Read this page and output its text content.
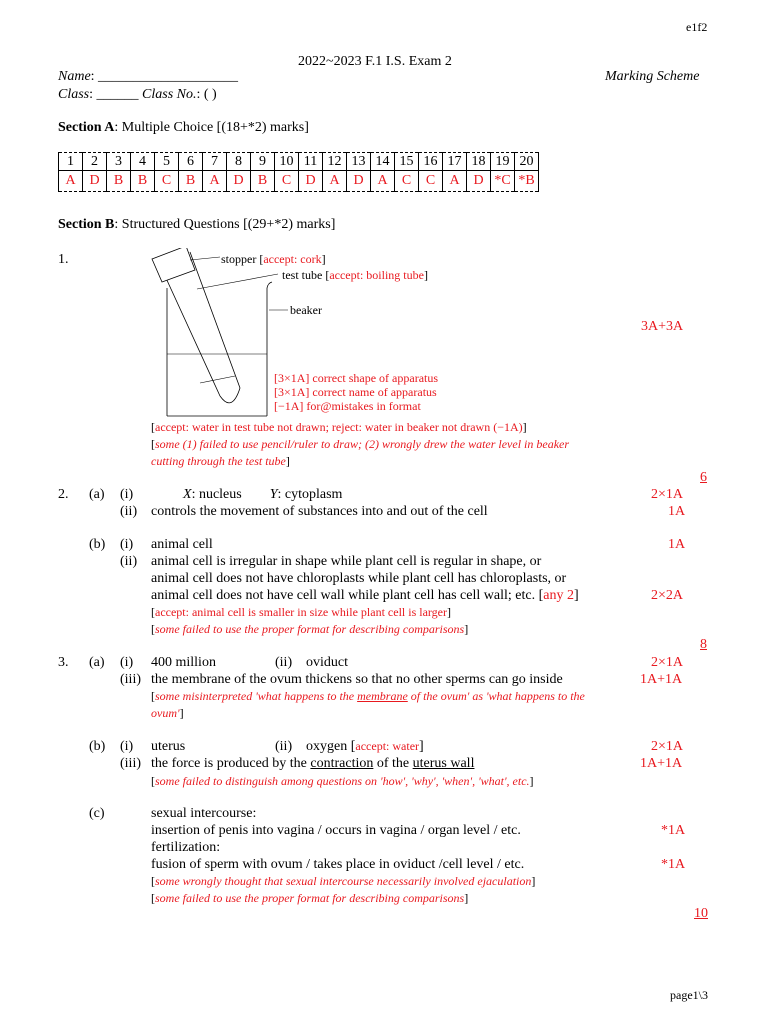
e1f2
2022~2023 F.1 I.S. Exam 2
Name: ____________________	Marking Scheme
Class: ______ Class No.: ( )
Section A: Multiple Choice [(18+*2) marks]
1	2	3	4	5	6	7	8	9	10	11	12	13	14	15	16	17	18	19	20
A	D	B	B	C	B	A	D	B	C	D	A	D	A	C	C	A	D	*C	*B
Section B: Structured Questions [(29+*2) marks]
1.	stopper [accept: cork]
test tube [accept: boiling tube]
beaker
3A+3A
[3×1A] correct shape of apparatus
[3×1A] correct name of apparatus
[−1A] for@mistakes in format
[accept: water in test tube not drawn; reject: water in beaker not drawn (−1A)]
[some (1) failed to use pencil/ruler to draw; (2) wrongly drew the water level in beaker
cutting through the test tube]
6
2. (a) (i)	X: nucleus Y: cytoplasm	2×1A
(ii) controls the movement of substances into and out of the cell	1A
(b) (i) animal cell	1A
(ii) animal cell is irregular in shape while plant cell is regular in shape, or
animal cell does not have chloroplasts while plant cell has chloroplasts, or
animal cell does not have cell wall while plant cell has cell wall; etc. [any 2]	2×2A
[accept: animal cell is smaller in size while plant cell is larger]
[some failed to use the proper format for describing comparisons]
8
3. (a) (i) 400 million	(ii) oviduct	2×1A
(iii) the membrane of the ovum thickens so that no other sperms can go inside	1A+1A
[some misinterpreted 'what happens to the membrane of the ovum' as 'what happens to the
ovum']
(b) (i) uterus	(ii) oxygen [accept: water]	2×1A
(iii) the force is produced by the contraction of the uterus wall	1A+1A
[some failed to distinguish among questions on 'how', 'why', 'when', 'what', etc.]
(c)	sexual intercourse:
insertion of penis into vagina / occurs in vagina / organ level / etc.	*1A
fertilization:
fusion of sperm with ovum / takes place in oviduct /cell level / etc.	*1A
[some wrongly thought that sexual intercourse necessarily involved ejaculation]
[some failed to use the proper format for describing comparisons]
10
page1\3
